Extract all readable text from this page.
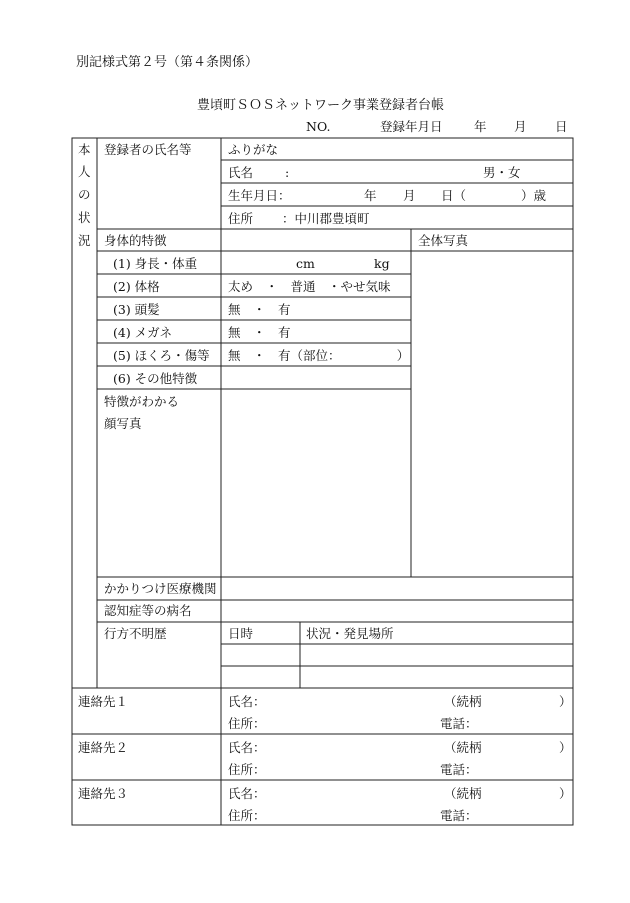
別記様式第２号（第４条関係）
豊頃町ＳＯＳネットワーク事業登録者台帳
NO.	登録年月日	年 月 日
本
人
の
状
況
登録者の氏名等	ふりがな
氏名	:	男・女
生年月日：	年 月 日（	）歳
住所 ：中川郡豊頃町
身体的特徴	全体写真
(1) 身長・体重	cm	kg
(2) 体格	太め　・　普通　・やせ気味
(3) 頭髪	無　・　有
(4) メガネ	無　・　有
(5) ほくろ・傷等 無　・　有（部位：　　　　　）
(6) その他特徴
特徴がわかる
顔写真
かかりつけ医療機関
認知症等の病名
行方不明歴	日時	状況・発見場所
連絡先１	氏名：	（続柄	）
住所：	電話：
連絡先２	氏名：	（続柄	）
住所：	電話：
連絡先３	氏名：	（続柄	）
住所：	電話：
